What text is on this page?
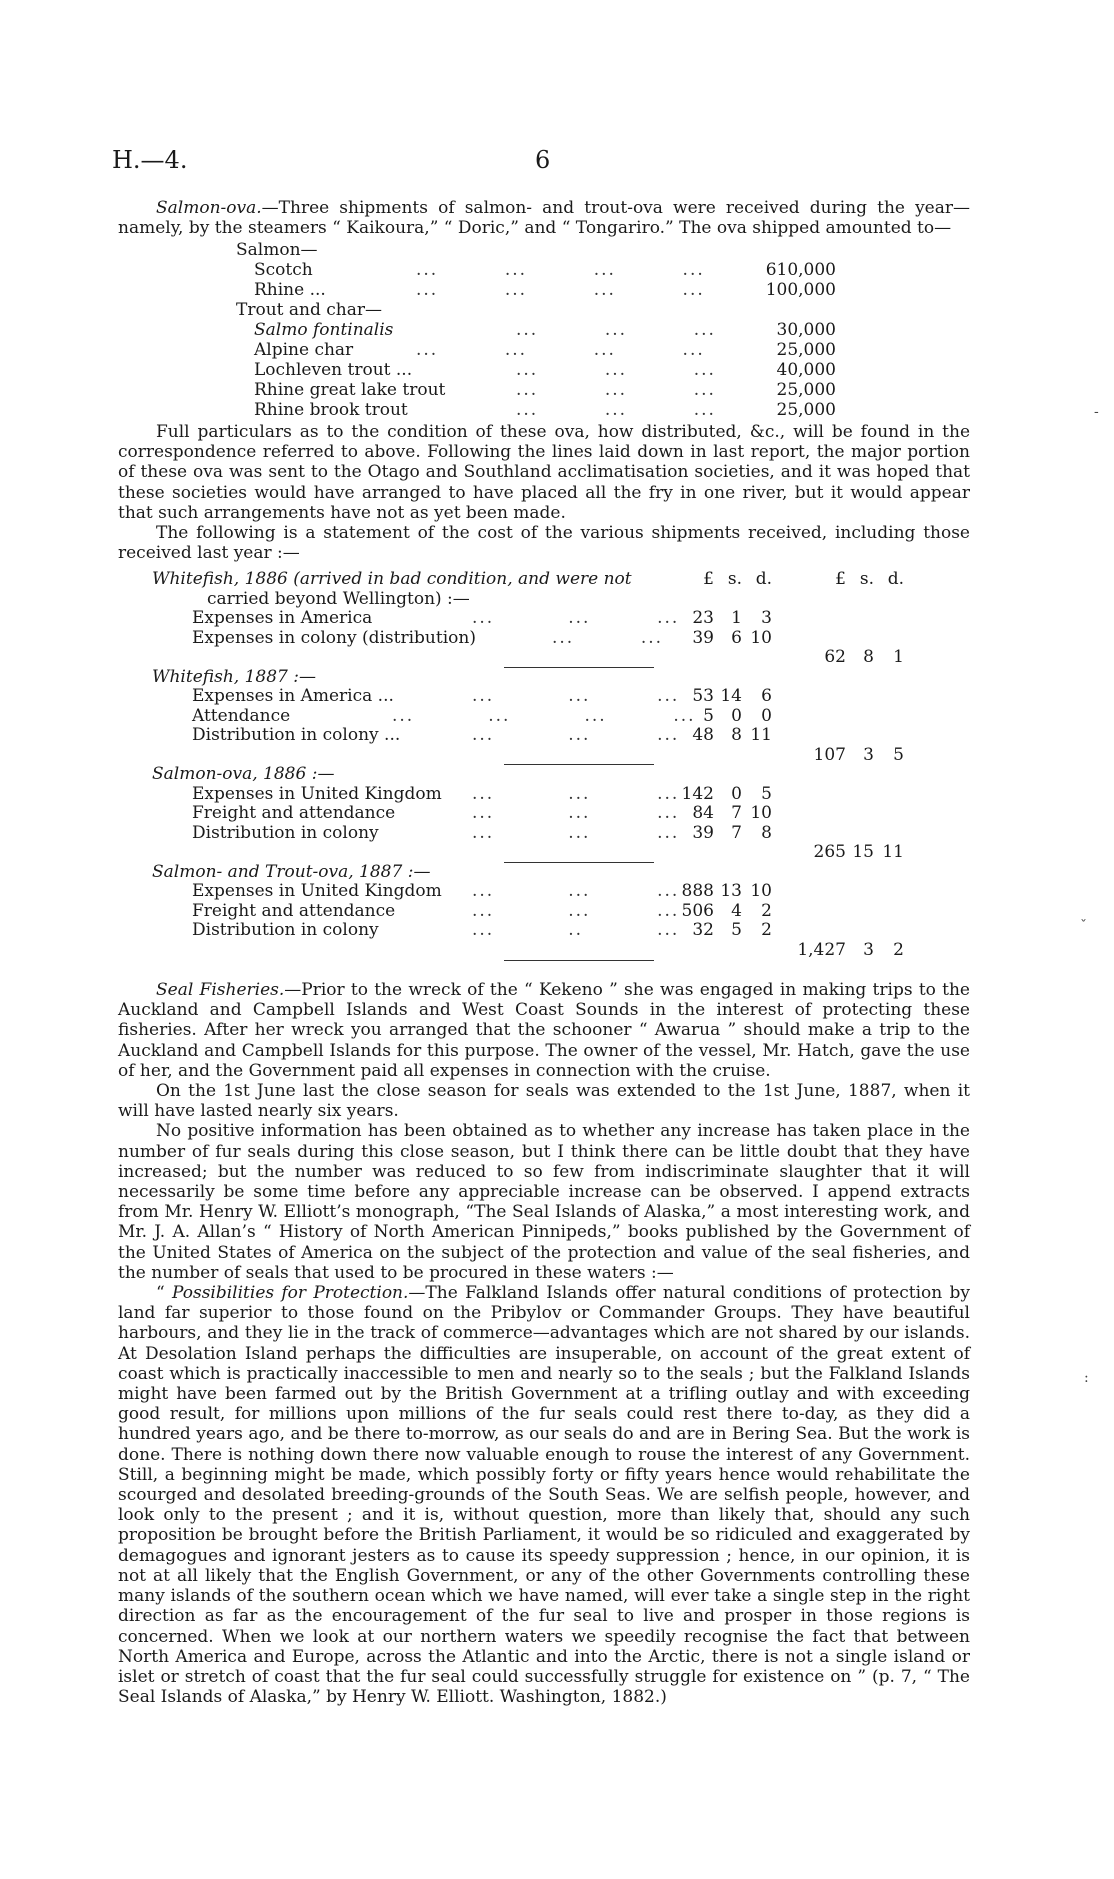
H.—4.	6

Salmon-ova.—Three shipments of salmon- and trout-ova were received during the year—namely, by the steamers “ Kaikoura,” “ Doric,” and “ Tongariro.” The ova shipped amounted to—

Salmon—
Scotch	...         ...         ...         ...	610,000
Rhine ...	...         ...         ...         ...	100,000
Trout and char—
Salmo fontinalis	...         ...         ...	30,000
Alpine char	...         ...         ...         ...	25,000
Lochleven trout ...	...         ...         ...	40,000
Rhine great lake trout	...         ...         ...	25,000
Rhine brook trout	...         ...         ...	25,000

Full particulars as to the condition of these ova, how distributed, &c., will be found in the correspondence referred to above. Following the lines laid down in last report, the major portion of these ova was sent to the Otago and Southland acclimatisation societies, and it was hoped that these societies would have arranged to have placed all the fry in one river, but it would appear that such arrangements have not as yet been made.

The following is a statement of the cost of the various shipments received, including those received last year :—

Whitefish, 1886 (arrived in bad condition, and were not	£ s. d.	£ s. d.
carried beyond Wellington) :—
Expenses in America	...          ...         ... 23 1 3
Expenses in colony (distribution)	...         ...	39 6 10
62 8 1
Whitefish, 1887 :—
Expenses in America ...	...          ...         ... 53 14 6
Attendance	...          ...          ...         ... 5 0 0
Distribution in colony ...	...          ...         ... 48 8 11
107 3 5
Salmon-ova, 1886 :—
Expenses in United Kingdom ...          ...         ... 142 0 5
Freight and attendance	...          ...         ... 84 7 10
Distribution in colony	...          ...         ... 39 7 8
265 15 11
Salmon- and Trout-ova, 1887 :—
Expenses in United Kingdom ...          ...         ... 888 13 10
Freight and attendance	...          ...         ... 506 4 2
Distribution in colony	...          ..          ... 32 5 2
1,427 3 2

Seal Fisheries.—Prior to the wreck of the “ Kekeno ” she was engaged in making trips to the Auckland and Campbell Islands and West Coast Sounds in the interest of protecting these fisheries. After her wreck you arranged that the schooner “ Awarua ” should make a trip to the Auckland and Campbell Islands for this purpose. The owner of the vessel, Mr. Hatch, gave the use of her, and the Government paid all expenses in connection with the cruise.

On the 1st June last the close season for seals was extended to the 1st June, 1887, when it will have lasted nearly six years.

No positive information has been obtained as to whether any increase has taken place in the number of fur seals during this close season, but I think there can be little doubt that they have increased; but the number was reduced to so few from indiscriminate slaughter that it will necessarily be some time before any appreciable increase can be observed. I append extracts from Mr. Henry W. Elliott’s monograph, “The Seal Islands of Alaska,” a most interesting work, and Mr. J. A. Allan’s “ History of North American Pinnipeds,” books published by the Government of the United States of America on the subject of the protection and value of the seal fisheries, and the number of seals that used to be procured in these waters :—

“ Possibilities for Protection.—The Falkland Islands offer natural conditions of protection by land far superior to those found on the Pribylov or Commander Groups. They have beautiful harbours, and they lie in the track of commerce—advantages which are not shared by our islands. At Desolation Island perhaps the difficulties are insuperable, on account of the great extent of coast which is practically inaccessible to men and nearly so to the seals ; but the Falkland Islands might have been farmed out by the British Government at a trifling outlay and with exceeding good result, for millions upon millions of the fur seals could rest there to-day, as they did a hundred years ago, and be there to-morrow, as our seals do and are in Bering Sea. But the work is done. There is nothing down there now valuable enough to rouse the interest of any Government. Still, a beginning might be made, which possibly forty or fifty years hence would rehabilitate the scourged and desolated breeding-grounds of the South Seas. We are selfish people, however, and look only to the present ; and it is, without question, more than likely that, should any such proposition be brought before the British Parliament, it would be so ridiculed and exaggerated by demagogues and ignorant jesters as to cause its speedy suppression ; hence, in our opinion, it is not at all likely that the English Government, or any of the other Governments controlling these many islands of the southern ocean which we have named, will ever take a single step in the right direction as far as the encouragement of the fur seal to live and prosper in those regions is concerned. When we look at our northern waters we speedily recognise the fact that between North America and Europe, across the Atlantic and into the Arctic, there is not a single island or islet or stretch of coast that the fur seal could successfully struggle for existence on ” (p. 7, “ The Seal Islands of Alaska,” by Henry W. Elliott. Washington, 1882.)

-
ˇ
:
